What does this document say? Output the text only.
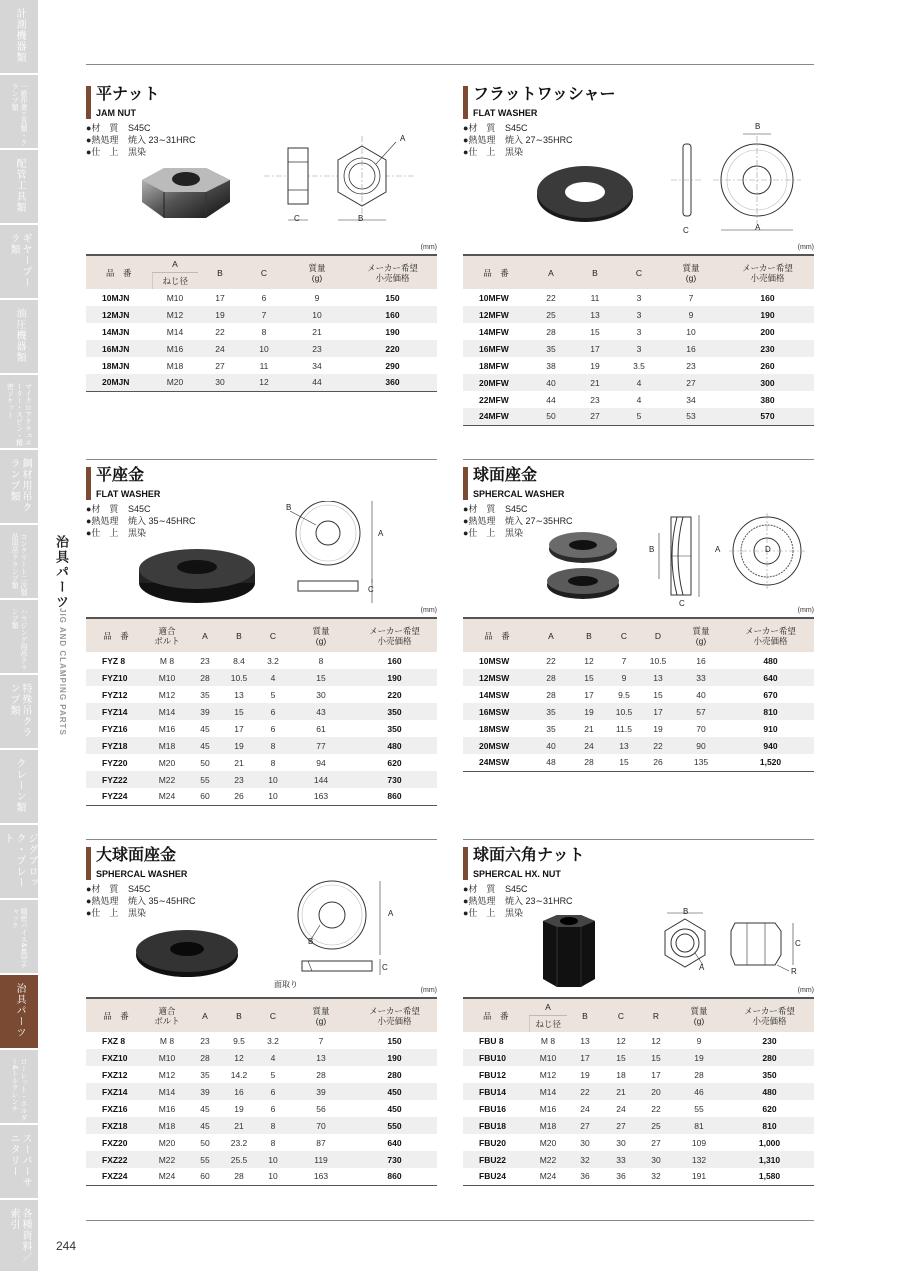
計測機器類
一般作業工具類・クランプ類
配管工具類
ギヤープーラ類
油圧機器類
マイクロアクチュエーター・スピン・精密ソケット
鋼材用吊クランプ類
コンクリート二次製品用吊クランプ類
ハウジング用吊クランプ類
特殊吊クランプ類
クレーン類
ジグブロック・プレート
精密バイス&真空チャック
治具パーツ
ローレット・ホルダー&トルクレンチ
スーパーサニタリー
各種資料／索引
治具パーツ
JIG AND CLAMPING PARTS
平ナット
JAM NUT
●材　質 S45C
●熱処理 焼入 23∼31HRC
●仕　上 黒染
A
C	B
(mm)
品　番	A	B	C	質量
(g)	メーカー希望
小売価格
	ねじ径				
10MJN	M10	17	6	9	150
12MJN	M12	19	7	10	160
14MJN	M14	22	8	21	190
16MJN	M16	24	10	23	220
18MJN	M18	27	11	34	290
20MJN	M20	30	12	44	360
フラットワッシャー
FLAT WASHER
●材　質 S45C
●熱処理 焼入 27∼35HRC
●仕　上 黒染
B
A
C
(mm)
品　番	A	B	C	質量
(g)	メーカー希望
小売価格
10MFW	22	11	3	7	160
12MFW	25	13	3	9	190
14MFW	28	15	3	10	200
16MFW	35	17	3	16	230
18MFW	38	19	3.5	23	260
20MFW	40	21	4	27	300
22MFW	44	23	4	34	380
24MFW	50	27	5	53	570
平座金
FLAT WASHER
●材　質 S45C
●熱処理 焼入 35∼45HRC
●仕　上 黒染
B
A
C
(mm)
品　番	適合
ボルト	A	B	C	質量
(g)	メーカー希望
小売価格
FYZ 8	M 8	23	8.4	3.2	8	160
FYZ10	M10	28	10.5	4	15	190
FYZ12	M12	35	13	5	30	220
FYZ14	M14	39	15	6	43	350
FYZ16	M16	45	17	6	61	350
FYZ18	M18	45	19	8	77	480
FYZ20	M20	50	21	8	94	620
FYZ22	M22	55	23	10	144	730
FYZ24	M24	60	26	10	163	860
球面座金
SPHERCAL WASHER
●材　質 S45C
●熱処理 焼入 27∼35HRC
●仕　上 黒染
B	A
C
D
(mm)
品　番	A	B	C	D	質量
(g)	メーカー希望
小売価格
10MSW	22	12	7	10.5	16	480
12MSW	28	15	9	13	33	640
14MSW	28	17	9.5	15	40	670
16MSW	35	19	10.5	17	57	810
18MSW	35	21	11.5	19	70	910
20MSW	40	24	13	22	90	940
24MSW	48	28	15	26	135	1,520
大球面座金
SPHERCAL WASHER
●材　質 S45C
●熱処理 焼入 35∼45HRC
●仕　上 黒染
B
A
C
面取り
(mm)
品　番	適合
ボルト	A	B	C	質量
(g)	メーカー希望
小売価格
FXZ 8	M 8	23	9.5	3.2	7	150
FXZ10	M10	28	12	4	13	190
FXZ12	M12	35	14.2	5	28	280
FXZ14	M14	39	16	6	39	450
FXZ16	M16	45	19	6	56	450
FXZ18	M18	45	21	8	70	550
FXZ20	M20	50	23.2	8	87	640
FXZ22	M22	55	25.5	10	119	730
FXZ24	M24	60	28	10	163	860
球面六角ナット
SPHERCAL HX. NUT
●材　質 S45C
●熱処理 焼入 23∼31HRC
●仕　上 黒染	B
A
C
R
(mm)
品　番	A	B	C	R	質量
(g)	メーカー希望
小売価格
	ねじ径					
FBU 8	M 8	13	12	12	9	230
FBU10	M10	17	15	15	19	280
FBU12	M12	19	18	17	28	350
FBU14	M14	22	21	20	46	480
FBU16	M16	24	24	22	55	620
FBU18	M18	27	27	25	81	810
FBU20	M20	30	30	27	109	1,000
FBU22	M22	32	33	30	132	1,310
FBU24	M24	36	36	32	191	1,580
244
